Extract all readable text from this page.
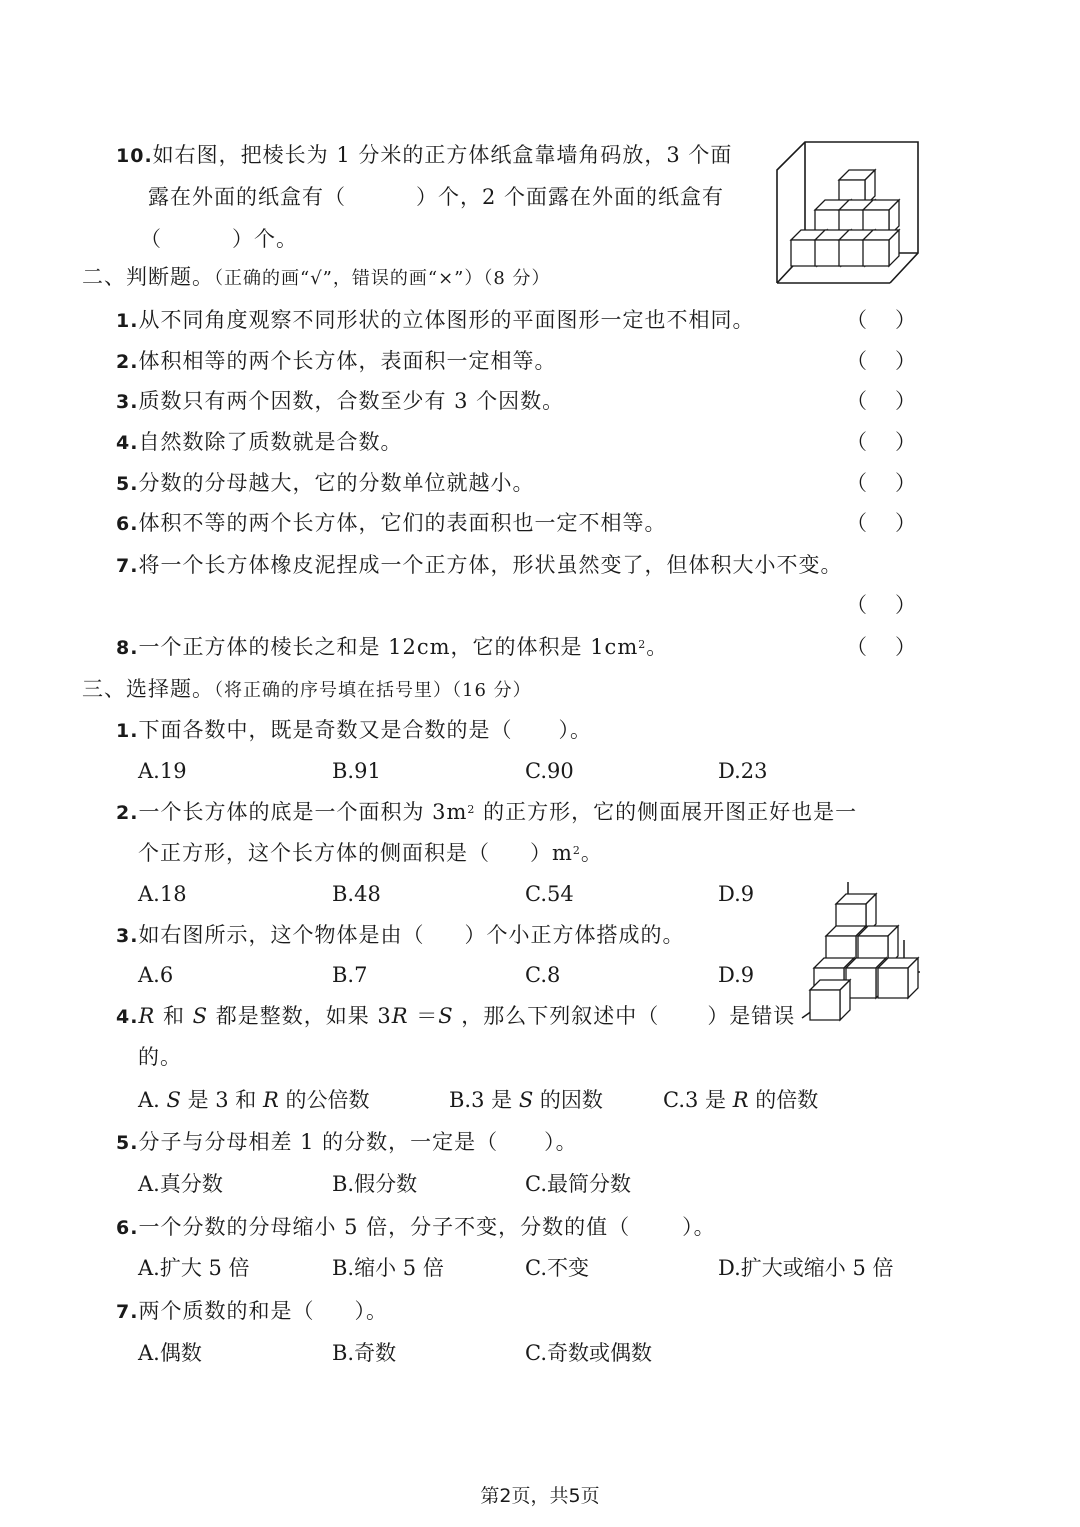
10.如右图，把棱长为 1 分米的正方体纸盒靠墙角码放，3 个面
露在外面的纸盒有（	）个，2 个面露在外面的纸盒有
（	）个。
二、判断题。（正确的画“√”，错误的画“×”）（8 分）
1.从不同角度观察不同形状的立体图形的平面图形一定也不相同。	（ ）
2.体积相等的两个长方体，表面积一定相等。	（ ）
3.质数只有两个因数，合数至少有 3 个因数。	（ ）
4.自然数除了质数就是合数。	（ ）
5.分数的分母越大，它的分数单位就越小。	（ ）
6.体积不等的两个长方体，它们的表面积也一定不相等。	（ ）
7.将一个长方体橡皮泥捏成一个正方体，形状虽然变了，但体积大小不变。
（ ）
8.一个正方体的棱长之和是 12cm，它的体积是 $1cm^2$。	（ ）
三、选择题。（将正确的序号填在括号里）（16 分）
1.下面各数中，既是奇数又是合数的是（ ）。
A.19	B.91	C.90	D.23
2.一个长方体的底是一个面积为 $3m^2$ 的正方形，它的侧面展开图正好也是一
个正方形，这个长方体的侧面积是（ ）$m^2$。
A.18	B.48	C.54	D.9
3.如右图所示，这个物体是由（ ）个小正方体搭成的。
A.6	B.7	C.8	D.9
4.R 和 S 都是整数，如果 3R ＝S ，那么下列叙述中（ ）是错误
的。
A. S 是 3 和 R 的公倍数	B.3 是 S 的因数	C.3 是 R 的倍数
5.分子与分母相差 1 的分数，一定是（ ）。
A.真分数	B.假分数	C.最简分数
6.一个分数的分母缩小 5 倍，分子不变，分数的值（ ）。
A.扩大 5 倍	B.缩小 5 倍	C.不变	D.扩大或缩小 5 倍
7.两个质数的和是（ ）。
A.偶数	B.奇数	C.奇数或偶数
第2页，共5页
